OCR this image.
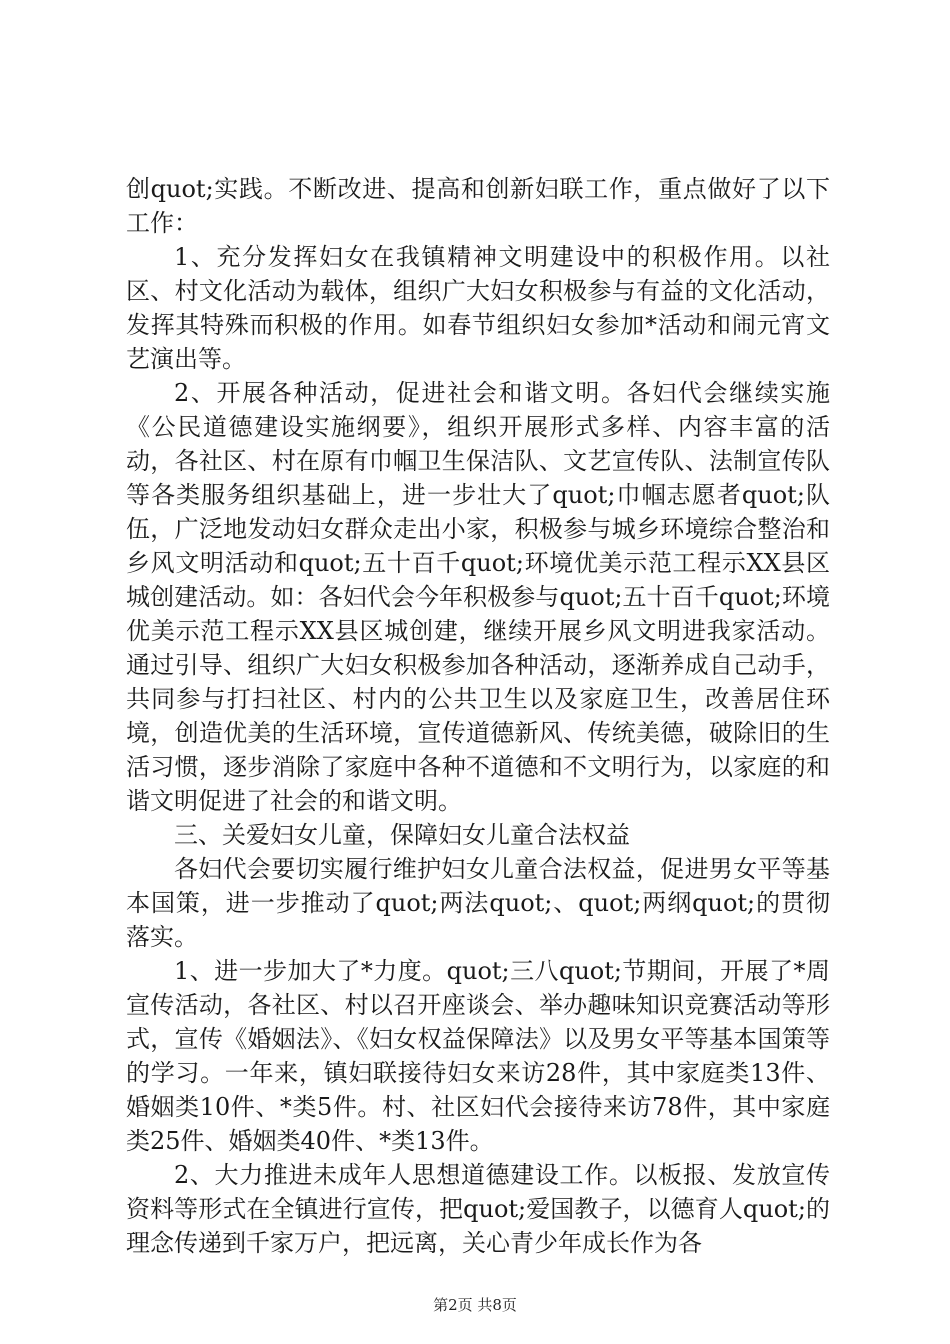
创quot;实践。不断改进、提高和创新妇联工作，重点做好了以下工作：

1、充分发挥妇女在我镇精神文明建设中的积极作用。以社区、村文化活动为载体，组织广大妇女积极参与有益的文化活动，发挥其特殊而积极的作用。如春节组织妇女参加*活动和闹元宵文艺演出等。

2、开展各种活动，促进社会和谐文明。各妇代会继续实施《公民道德建设实施纲要》，组织开展形式多样、内容丰富的活动，各社区、村在原有巾帼卫生保洁队、文艺宣传队、法制宣传队等各类服务组织基础上，进一步壮大了quot;巾帼志愿者quot;队伍，广泛地发动妇女群众走出小家，积极参与城乡环境综合整治和乡风文明活动和quot;五十百千quot;环境优美示范工程示XX县区城创建活动。如：各妇代会今年积极参与quot;五十百千quot;环境优美示范工程示XX县区城创建，继续开展乡风文明进我家活动。通过引导、组织广大妇女积极参加各种活动，逐渐养成自己动手，共同参与打扫社区、村内的公共卫生以及家庭卫生，改善居住环境，创造优美的生活环境，宣传道德新风、传统美德，破除旧的生活习惯，逐步消除了家庭中各种不道德和不文明行为，以家庭的和谐文明促进了社会的和谐文明。

三、关爱妇女儿童，保障妇女儿童合法权益

各妇代会要切实履行维护妇女儿童合法权益，促进男女平等基本国策，进一步推动了quot;两法quot;、quot;两纲quot;的贯彻落实。

1、进一步加大了*力度。quot;三八quot;节期间，开展了*周宣传活动，各社区、村以召开座谈会、举办趣味知识竞赛活动等形式，宣传《婚姻法》、《妇女权益保障法》以及男女平等基本国策等的学习。一年来，镇妇联接待妇女来访28件，其中家庭类13件、婚姻类10件、*类5件。村、社区妇代会接待来访78件，其中家庭类25件、婚姻类40件、*类13件。

2、大力推进未成年人思想道德建设工作。以板报、发放宣传资料等形式在全镇进行宣传，把quot;爱国教子，以德育人quot;的理念传递到千家万户，把远离，关心青少年成长作为各

第2页 共8页
